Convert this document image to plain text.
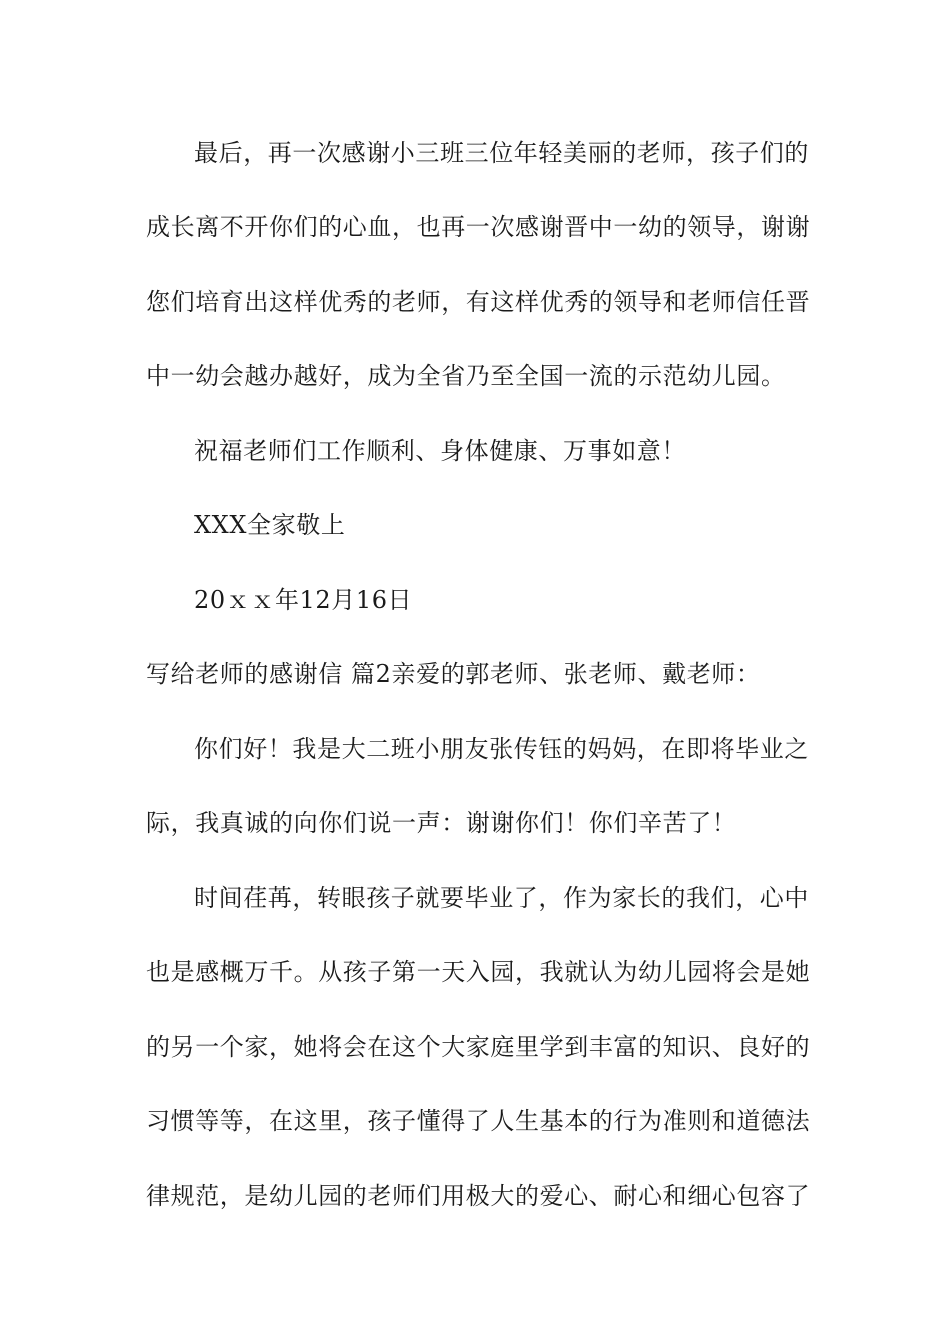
最后，再一次感谢小三班三位年轻美丽的老师，孩子们的
成长离不开你们的心血，也再一次感谢晋中一幼的领导，谢谢
您们培育出这样优秀的老师，有这样优秀的领导和老师信任晋
中一幼会越办越好，成为全省乃至全国一流的示范幼儿园。
祝福老师们工作顺利、身体健康、万事如意！
XXX全家敬上
20ｘｘ年12月16日
写给老师的感谢信 篇2亲爱的郭老师、张老师、戴老师：
你们好！我是大二班小朋友张传钰的妈妈，在即将毕业之
际，我真诚的向你们说一声：谢谢你们！你们辛苦了！
时间荏苒，转眼孩子就要毕业了，作为家长的我们，心中
也是感概万千。从孩子第一天入园，我就认为幼儿园将会是她
的另一个家，她将会在这个大家庭里学到丰富的知识、良好的
习惯等等，在这里，孩子懂得了人生基本的行为准则和道德法
律规范，是幼儿园的老师们用极大的爱心、耐心和细心包容了
